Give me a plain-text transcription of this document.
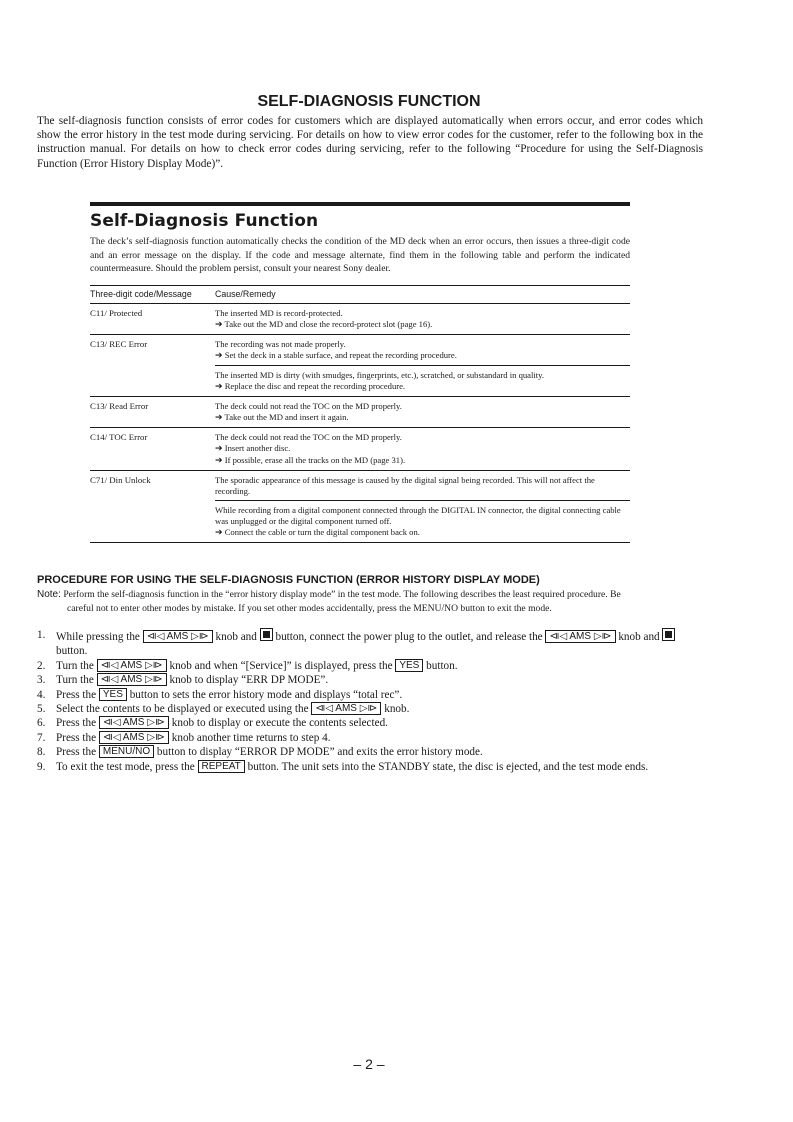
SELF-DIAGNOSIS FUNCTION
The self-diagnosis function consists of error codes for customers which are displayed automatically when errors occur, and error codes which show the error history in the test mode during servicing. For details on how to view error codes for the customer, refer to the following box in the instruction manual. For details on how to check error codes during servicing, refer to the following “Procedure for using the Self-Diagnosis Function (Error History Display Mode)”.
Self-Diagnosis Function
The deck’s self-diagnosis function automatically checks the condition of the MD deck when an error occurs, then issues a three-digit code and an error message on the display. If the code and message alternate, find them in the following table and perform the indicated countermeasure. Should the problem persist, consult your nearest Sony dealer.
Three-digit code/Message	Cause/Remedy
C11/ Protected	The inserted MD is record-protected.
➔ Take out the MD and close the record-protect slot (page 16).

C13/ REC Error	The recording was not made properly.
➔ Set the deck in a stable surface, and repeat the recording procedure.

	The inserted MD is dirty (with smudges, fingerprints, etc.), scratched, or substandard in quality.
➔ Replace the disc and repeat the recording procedure.

C13/ Read Error	The deck could not read the TOC on the MD properly.
➔ Take out the MD and insert it again.

C14/ TOC Error	The deck could not read the TOC on the MD properly.
➔ Insert another disc.
➔ If possible, erase all the tracks on the MD (page 31).

C71/ Din Unlock	The sporadic appearance of this message is caused by the digital signal being recorded. This will not affect the recording.

	While recording from a digital component connected through the DIGITAL IN connector, the digital connecting cable was unplugged or the digital component turned off.
➔ Connect the cable or turn the digital component back on.
PROCEDURE FOR USING THE SELF-DIAGNOSIS FUNCTION (ERROR HISTORY DISPLAY MODE)
Note: Perform the self-diagnosis function in the “error history display mode” in the test mode. The following describes the least required procedure. Be
careful not to enter other modes by mistake. If you set other modes accidentally, press the MENU/NO button to exit the mode.
1. While pressing the ⧏◁ AMS ▷⧐ knob and button, connect the power plug to the outlet, and release the ⧏◁ AMS ▷⧐ knob and  button.
2. Turn the ⧏◁ AMS ▷⧐ knob and when “[Service]” is displayed, press the YES button.
3. Turn the ⧏◁ AMS ▷⧐ knob to display “ERR DP MODE”.
4. Press the YES button to sets the error history mode and displays “total rec”.
5. Select the contents to be displayed or executed using the ⧏◁ AMS ▷⧐ knob.
6. Press the ⧏◁ AMS ▷⧐ knob to display or execute the contents selected.
7. Press the ⧏◁ AMS ▷⧐ knob another time returns to step 4.
8. Press the MENU/NO button to display “ERROR DP MODE” and exits the error history mode.
9. To exit the test mode, press the REPEAT button. The unit sets into the STANDBY state, the disc is ejected, and the test mode ends.
– 2 –
